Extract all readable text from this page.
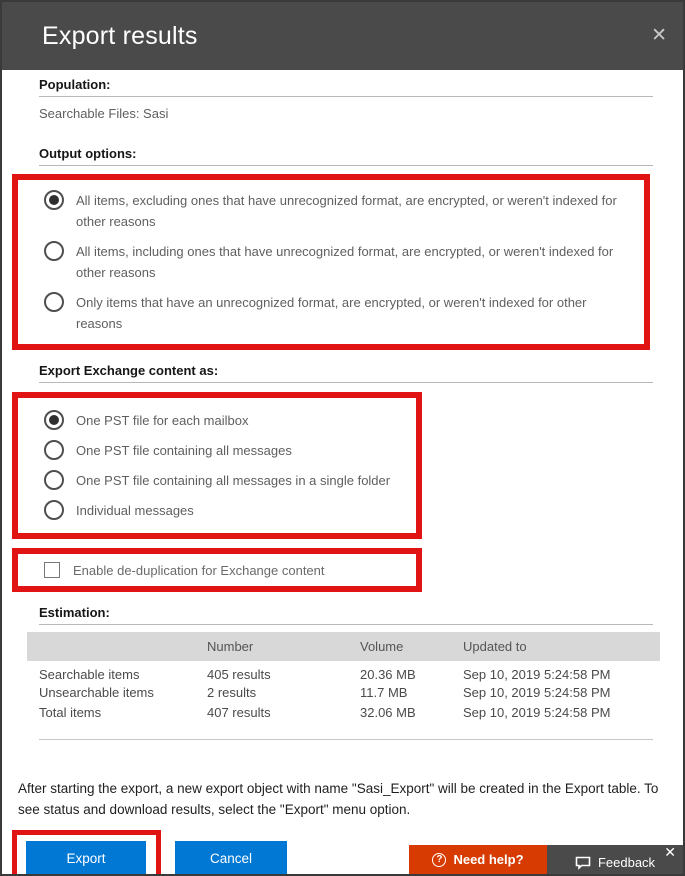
Export results	✕
Population:
Searchable Files: Sasi
Output options:
All items, excluding ones that have unrecognized format, are encrypted, or weren't indexed for other reasons
All items, including ones that have unrecognized format, are encrypted, or weren't indexed for other reasons
Only items that have an unrecognized format, are encrypted, or weren't indexed for other reasons
Export Exchange content as:
One PST file for each mailbox
One PST file containing all messages
One PST file containing all messages in a single folder
Individual messages
Enable de-duplication for Exchange content
Estimation:
	Number	Volume	Updated to
Searchable items	405 results	20.36 MB	Sep 10, 2019 5:24:58 PM
Unsearchable items	2 results	11.7 MB	Sep 10, 2019 5:24:58 PM
Total items	407 results	32.06 MB	Sep 10, 2019 5:24:58 PM
After starting the export, a new export object with name "Sasi_Export" will be created in the Export table. To see status and download results, select the "Export" menu option.
Export	Cancel	? Need help?	✕
Feedback
